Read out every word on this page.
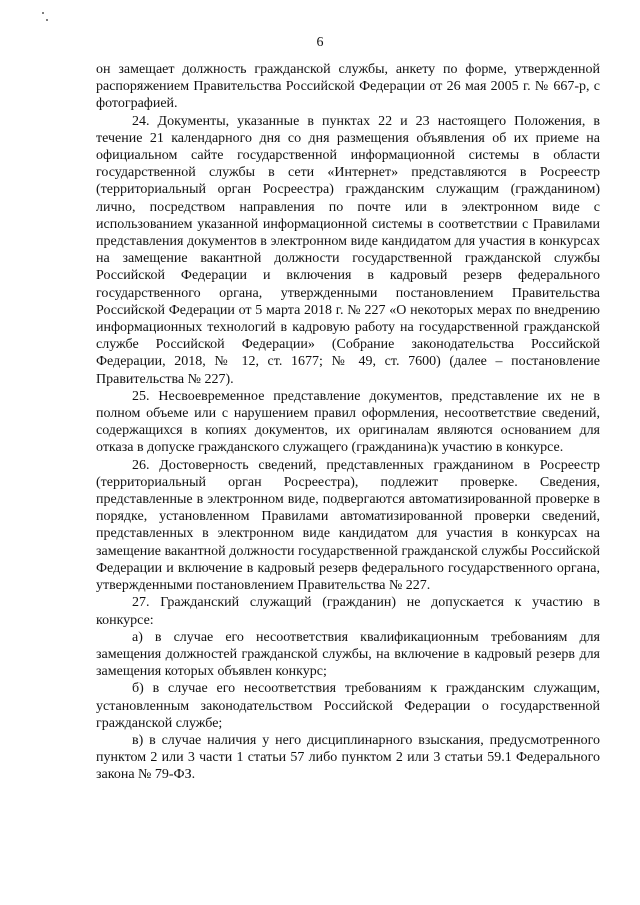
6

он замещает должность гражданской службы, анкету по форме, утвержденной распоряжением Правительства Российской Федерации от 26 мая 2005 г. № 667-р, с фотографией.

24. Документы, указанные в пунктах 22 и 23 настоящего Положения, в течение 21 календарного дня со дня размещения объявления об их приеме на официальном сайте государственной информационной системы в области государственной службы в сети «Интернет» представляются в Росреестр (территориальный орган Росреестра) гражданским служащим (гражданином) лично, посредством направления по почте или в электронном виде с использованием указанной информационной системы в соответствии с Правилами представления документов в электронном виде кандидатом для участия в конкурсах на замещение вакантной должности государственной гражданской службы Российской Федерации и включения в кадровый резерв федерального государственного органа, утвержденными постановлением Правительства Российской Федерации от 5 марта 2018 г. № 227 «О некоторых мерах по внедрению информационных технологий в кадровую работу на государственной гражданской службе Российской Федерации» (Собрание законодательства Российской Федерации, 2018, № 12, ст. 1677; № 49, ст. 7600) (далее – постановление Правительства № 227).

25. Несвоевременное представление документов, представление их не в полном объеме или с нарушением правил оформления, несоответствие сведений, содержащихся в копиях документов, их оригиналам являются основанием для отказа в допуске гражданского служащего (гражданина)к участию в конкурсе.

26. Достоверность сведений, представленных гражданином в Росреестр (территориальный орган Росреестра), подлежит проверке. Сведения, представленные в электронном виде, подвергаются автоматизированной проверке в порядке, установленном Правилами автоматизированной проверки сведений, представленных в электронном виде кандидатом для участия в конкурсах на замещение вакантной должности государственной гражданской службы Российской Федерации и включение в кадровый резерв федерального государственного органа, утвержденными постановлением Правительства № 227.

27. Гражданский служащий (гражданин) не допускается к участию в конкурсе:

а) в случае его несоответствия квалификационным требованиям для замещения должностей гражданской службы, на включение в кадровый резерв для замещения которых объявлен конкурс;

б) в случае его несоответствия требованиям к гражданским служащим, установленным законодательством Российской Федерации о государственной гражданской службе;

в) в случае наличия у него дисциплинарного взыскания, предусмотренного пунктом 2 или 3 части 1 статьи 57 либо пунктом 2 или 3 статьи 59.1 Федерального закона № 79-ФЗ.
